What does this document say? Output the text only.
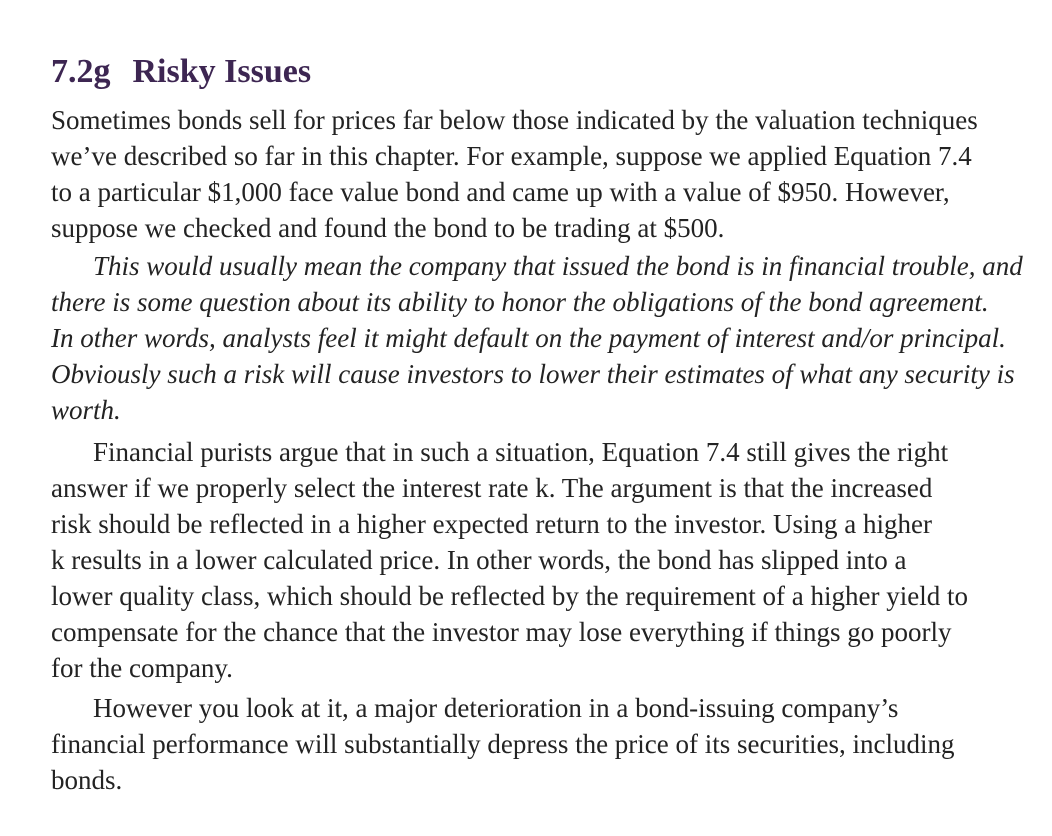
7.2g Risky Issues

Sometimes bonds sell for prices far below those indicated by the valuation techniques

we’ve described so far in this chapter. For example, suppose we applied Equation 7.4

to a particular $1,000 face value bond and came up with a value of $950. However,

suppose we checked and found the bond to be trading at $500.

This would usually mean the company that issued the bond is in financial trouble, and

there is some question about its ability to honor the obligations of the bond agreement.

In other words, analysts feel it might default on the payment of interest and/or principal.

Obviously such a risk will cause investors to lower their estimates of what any security is

worth.

Financial purists argue that in such a situation, Equation 7.4 still gives the right

answer if we properly select the interest rate k. The argument is that the increased

risk should be reflected in a higher expected return to the investor. Using a higher

k results in a lower calculated price. In other words, the bond has slipped into a

lower quality class, which should be reflected by the requirement of a higher yield to

compensate for the chance that the investor may lose everything if things go poorly

for the company.

However you look at it, a major deterioration in a bond-issuing company’s

financial performance will substantially depress the price of its securities, including

bonds.
